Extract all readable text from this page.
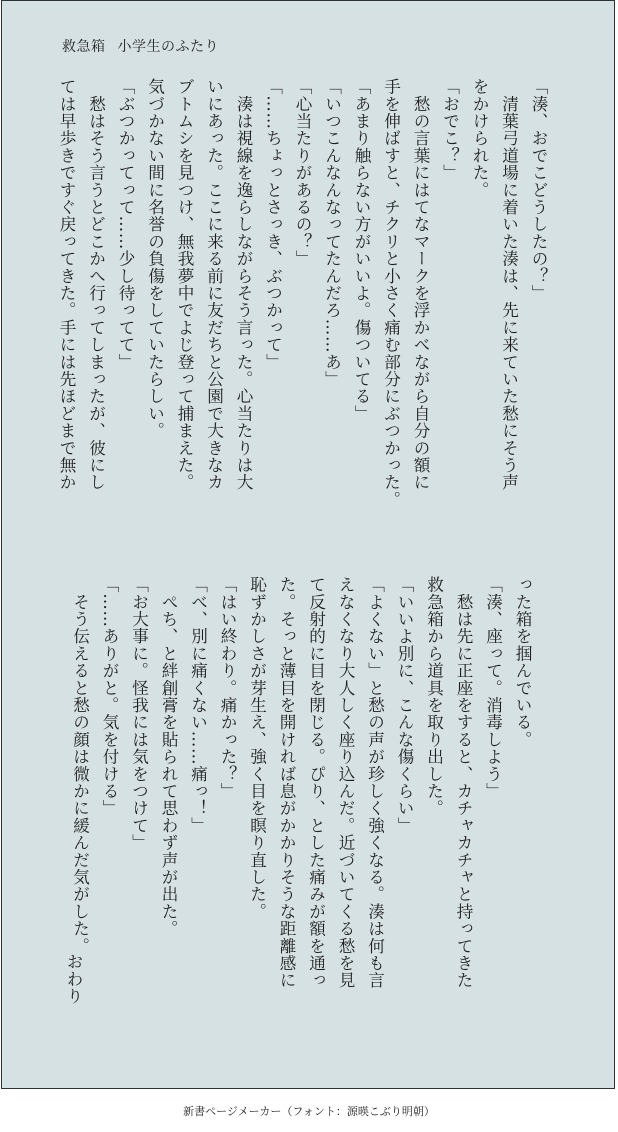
救急箱 小学生のふたり

「湊、おでこどうしたの？」

　清葉弓道場に着いた湊は、先に来ていた愁にそう声

をかけられた。

「おでこ？」

　愁の言葉にはてなマークを浮かべながら自分の額に

手を伸ばすと、チクリと小さく痛む部分にぶつかった。

「あまり触らない方がいいよ。傷ついてる」

「いつこんなんなってたんだろ……あ」

「心当たりがあるの？」

「……ちょっとさっき、ぶつかって」

　湊は視線を逸らしながらそう言った。心当たりは大

いにあった。ここに来る前に友だちと公園で大きなカ

ブトムシを見つけ、無我夢中でよじ登って捕まえた。

気づかない間に名誉の負傷をしていたらしい。

「ぶつかってって……少し待ってて」

　愁はそう言うとどこかへ行ってしまったが、彼にし

ては早歩きですぐ戻ってきた。手には先ほどまで無か

った箱を掴んでいる。

「湊、座って。消毒しよう」

　愁は先に正座をすると、カチャカチャと持ってきた

救急箱から道具を取り出した。

「いいよ別に、こんな傷くらい」

「よくない」と愁の声が珍しく強くなる。湊は何も言

えなくなり大人しく座り込んだ。近づいてくる愁を見

て反射的に目を閉じる。ぴり、とした痛みが額を通っ

た。そっと薄目を開ければ息がかかりそうな距離感に

恥ずかしさが芽生え、強く目を瞑り直した。

「はい終わり。痛かった？」

「べ、別に痛くない……痛っ！」

　ぺち、と絆創膏を貼られて思わず声が出た。

「お大事に。怪我には気をつけて」

「……ありがと。気を付ける」

　そう伝えると愁の顔は微かに緩んだ気がした。

おわり
新書ページメーカー（フォント：源暎こぶり明朝）
